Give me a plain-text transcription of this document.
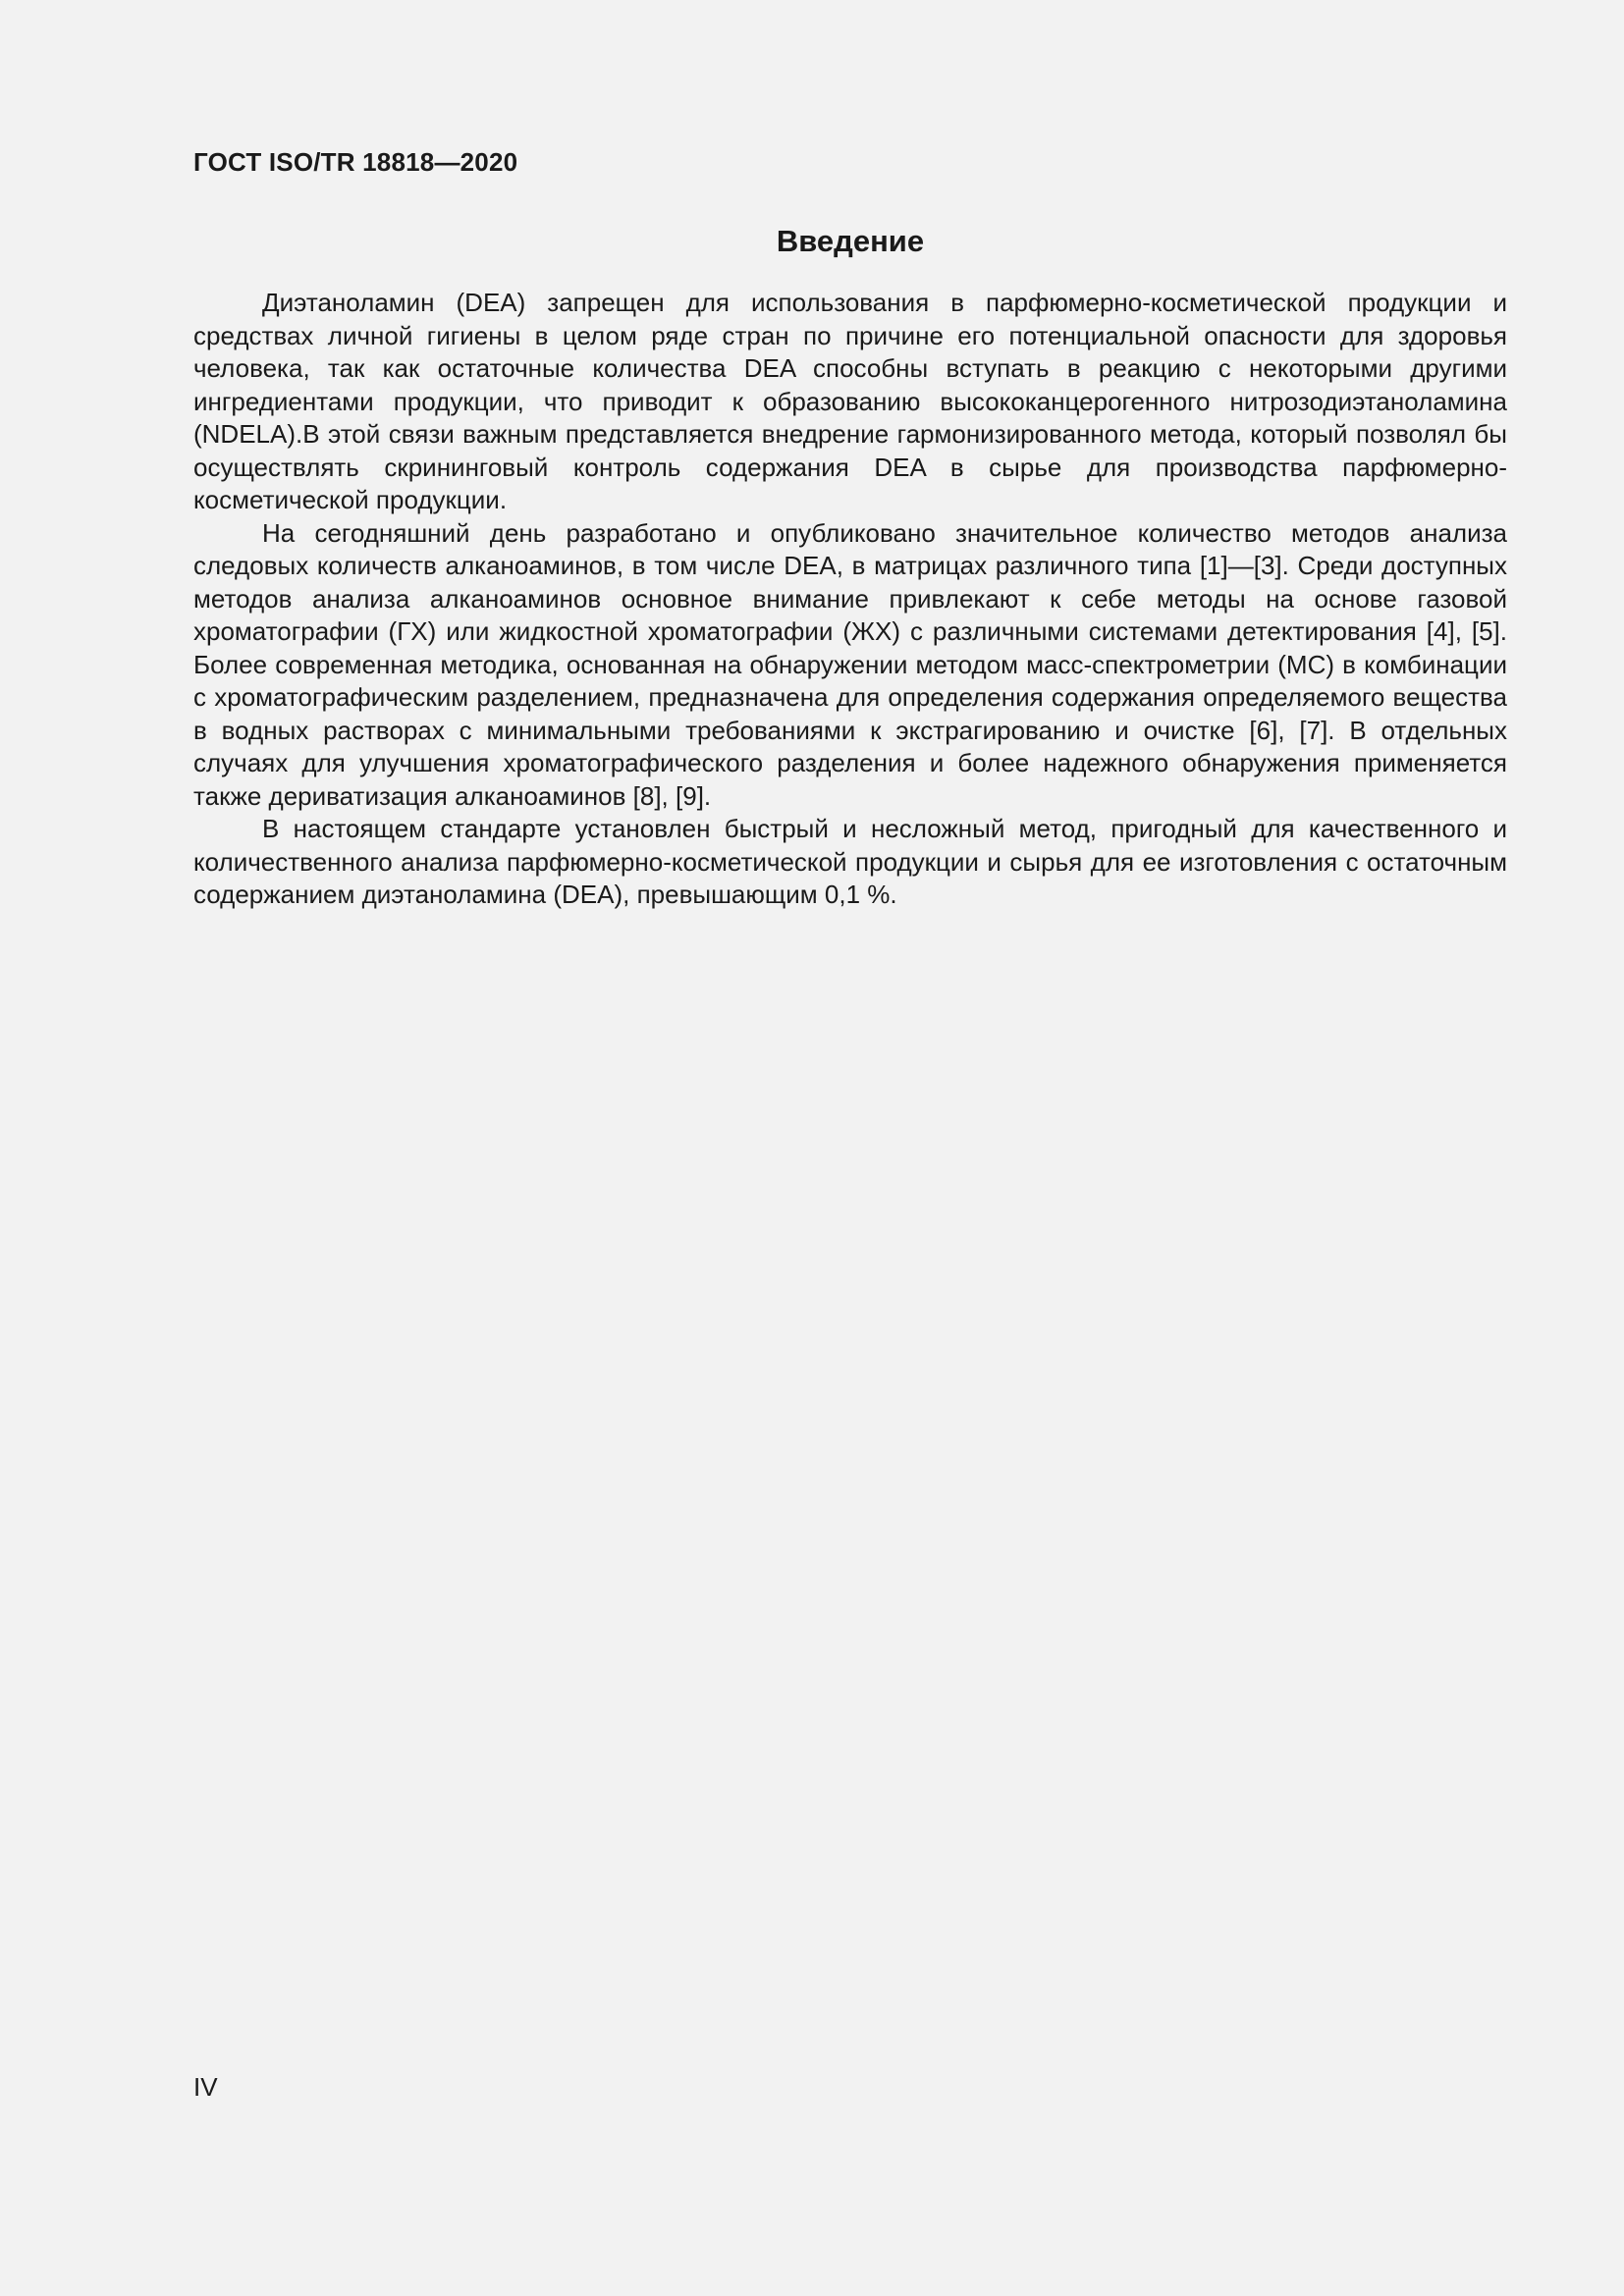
ГОСТ ISO/TR 18818—2020
Введение

Диэтаноламин (DEA) запрещен для использования в парфюмерно-косметической продукции и средствах личной гигиены в целом ряде стран по причине его потенциальной опасности для здоровья человека, так как остаточные количества DEA способны вступать в реакцию с некоторыми другими ингредиентами продукции, что приводит к образованию высококанцерогенного нитрозодиэтаноламина (NDELA).В этой связи важным представляется внедрение гармонизированного метода, который позволял бы осуществлять скрининговый контроль содержания DEA в сырье для производства парфюмерно-косметической продукции.

На сегодняшний день разработано и опубликовано значительное количество методов анализа следовых количеств алканоаминов, в том числе DEA, в матрицах различного типа [1]—[3]. Среди доступных методов анализа алканоаминов основное внимание привлекают к себе методы на основе газовой хроматографии (ГХ) или жидкостной хроматографии (ЖХ) с различными системами детектирования [4], [5]. Более современная методика, основанная на обнаружении методом масс-спектрометрии (МС) в комбинации с хроматографическим разделением, предназначена для определения содержания определяемого вещества в водных растворах с минимальными требованиями к экстрагированию и очистке [6], [7]. В отдельных случаях для улучшения хроматографического разделения и более надежного обнаружения применяется также дериватизация алканоаминов [8], [9].

В настоящем стандарте установлен быстрый и несложный метод, пригодный для качественного и количественного анализа парфюмерно-косметической продукции и сырья для ее изготовления с остаточным содержанием диэтаноламина (DEA), превышающим 0,1 %.

IV
